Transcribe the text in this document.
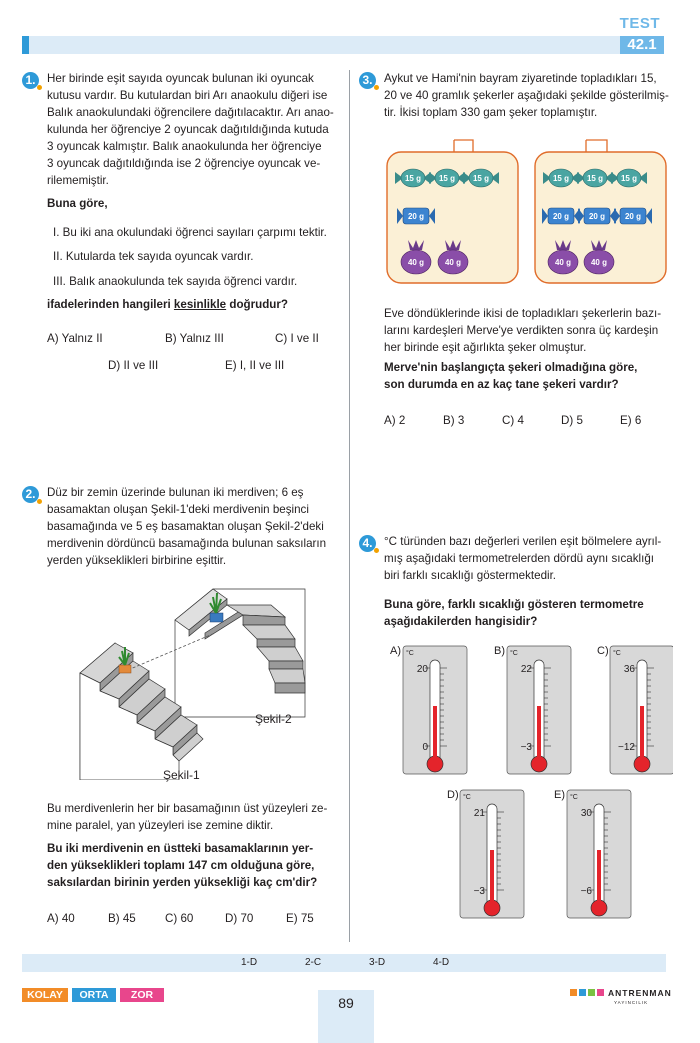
TEST
42.1
1. Her birinde eşit sayıda oyuncak bulunan iki oyuncak
kutusu vardır. Bu kutulardan biri Arı anaokulu diğeri ise
Balık anaokulundaki öğrencilere dağıtılacaktır. Arı anao-
kulunda her öğrenciye 2 oyuncak dağıtıldığında kutuda
3 oyuncak kalmıştır. Balık anaokulunda her öğrenciye
3 oyuncak dağıtıldığında ise 2 öğrenciye oyuncak ve-
rilememiştir.
Buna göre,
I. Bu iki ana okulundaki öğrenci sayıları çarpımı tektir.
II. Kutularda tek sayıda oyuncak vardır.
III. Balık anaokulunda tek sayıda öğrenci vardır.
ifadelerinden hangileri kesinlikle doğrudur?
A) Yalnız II	B) Yalnız III	C) I ve II
D) II ve III	E) I, II ve III
2. Düz bir zemin üzerinde bulunan iki merdiven; 6 eş
basamaktan oluşan Şekil-1'deki merdivenin beşinci
basamağında ve 5 eş basamaktan oluşan Şekil-2'deki
merdivenin dördüncü basamağında bulunan saksıların
yerden yükseklikleri birbirine eşittir.
Şekil-2
Şekil-1
Bu merdivenlerin her bir basamağının üst yüzeyleri ze-
mine paralel, yan yüzeyleri ise zemine diktir.
Bu iki merdivenin en üstteki basamaklarının yer-
den yükseklikleri toplamı 147 cm olduğuna göre,
saksılardan birinin yerden yüksekliği kaç cm'dir?
A) 40	B) 45	C) 60	D) 70	E) 75
3. Aykut ve Hami'nin bayram ziyaretinde topladıkları 15,
20 ve 40 gramlık şekerler aşağıdaki şekilde gösterilmiş-
tir. İkisi toplam 330 gam şeker toplamıştır.
15 g 15 g 15 g
20 g
40 g	40 g
15 g 15 g 15 g
20 g 20 g 20 g
40 g 40 g
Eve döndüklerinde ikisi de topladıkları şekerlerin bazı-
larını kardeşleri Merve'ye verdikten sonra üç kardeşin
her birinde eşit ağırlıkta şeker olmuştur.
Merve'nin başlangıçta şekeri olmadığına göre,
son durumda en az kaç tane şekeri vardır?
A) 2	B) 3	C) 4	D) 5	E) 6
4. °C türünden bazı değerleri verilen eşit bölmelere ayrıl-
mış aşağıdaki termometrelerden dördü aynı sıcaklığı
biri farklı sıcaklığı göstermektedir.
Buna göre, farklı sıcaklığı gösteren termometre
aşağıdakilerden hangisidir?
A)	B)	C)
D)	E)
°C	°C	°C
°C	°C
20
0
22
−3
36
−12
21
−3
30
−6
1-D	2-C	3-D	4-D
KOLAY	ORTA	ZOR	89
ANTRENMAN
YAYINCILIK
